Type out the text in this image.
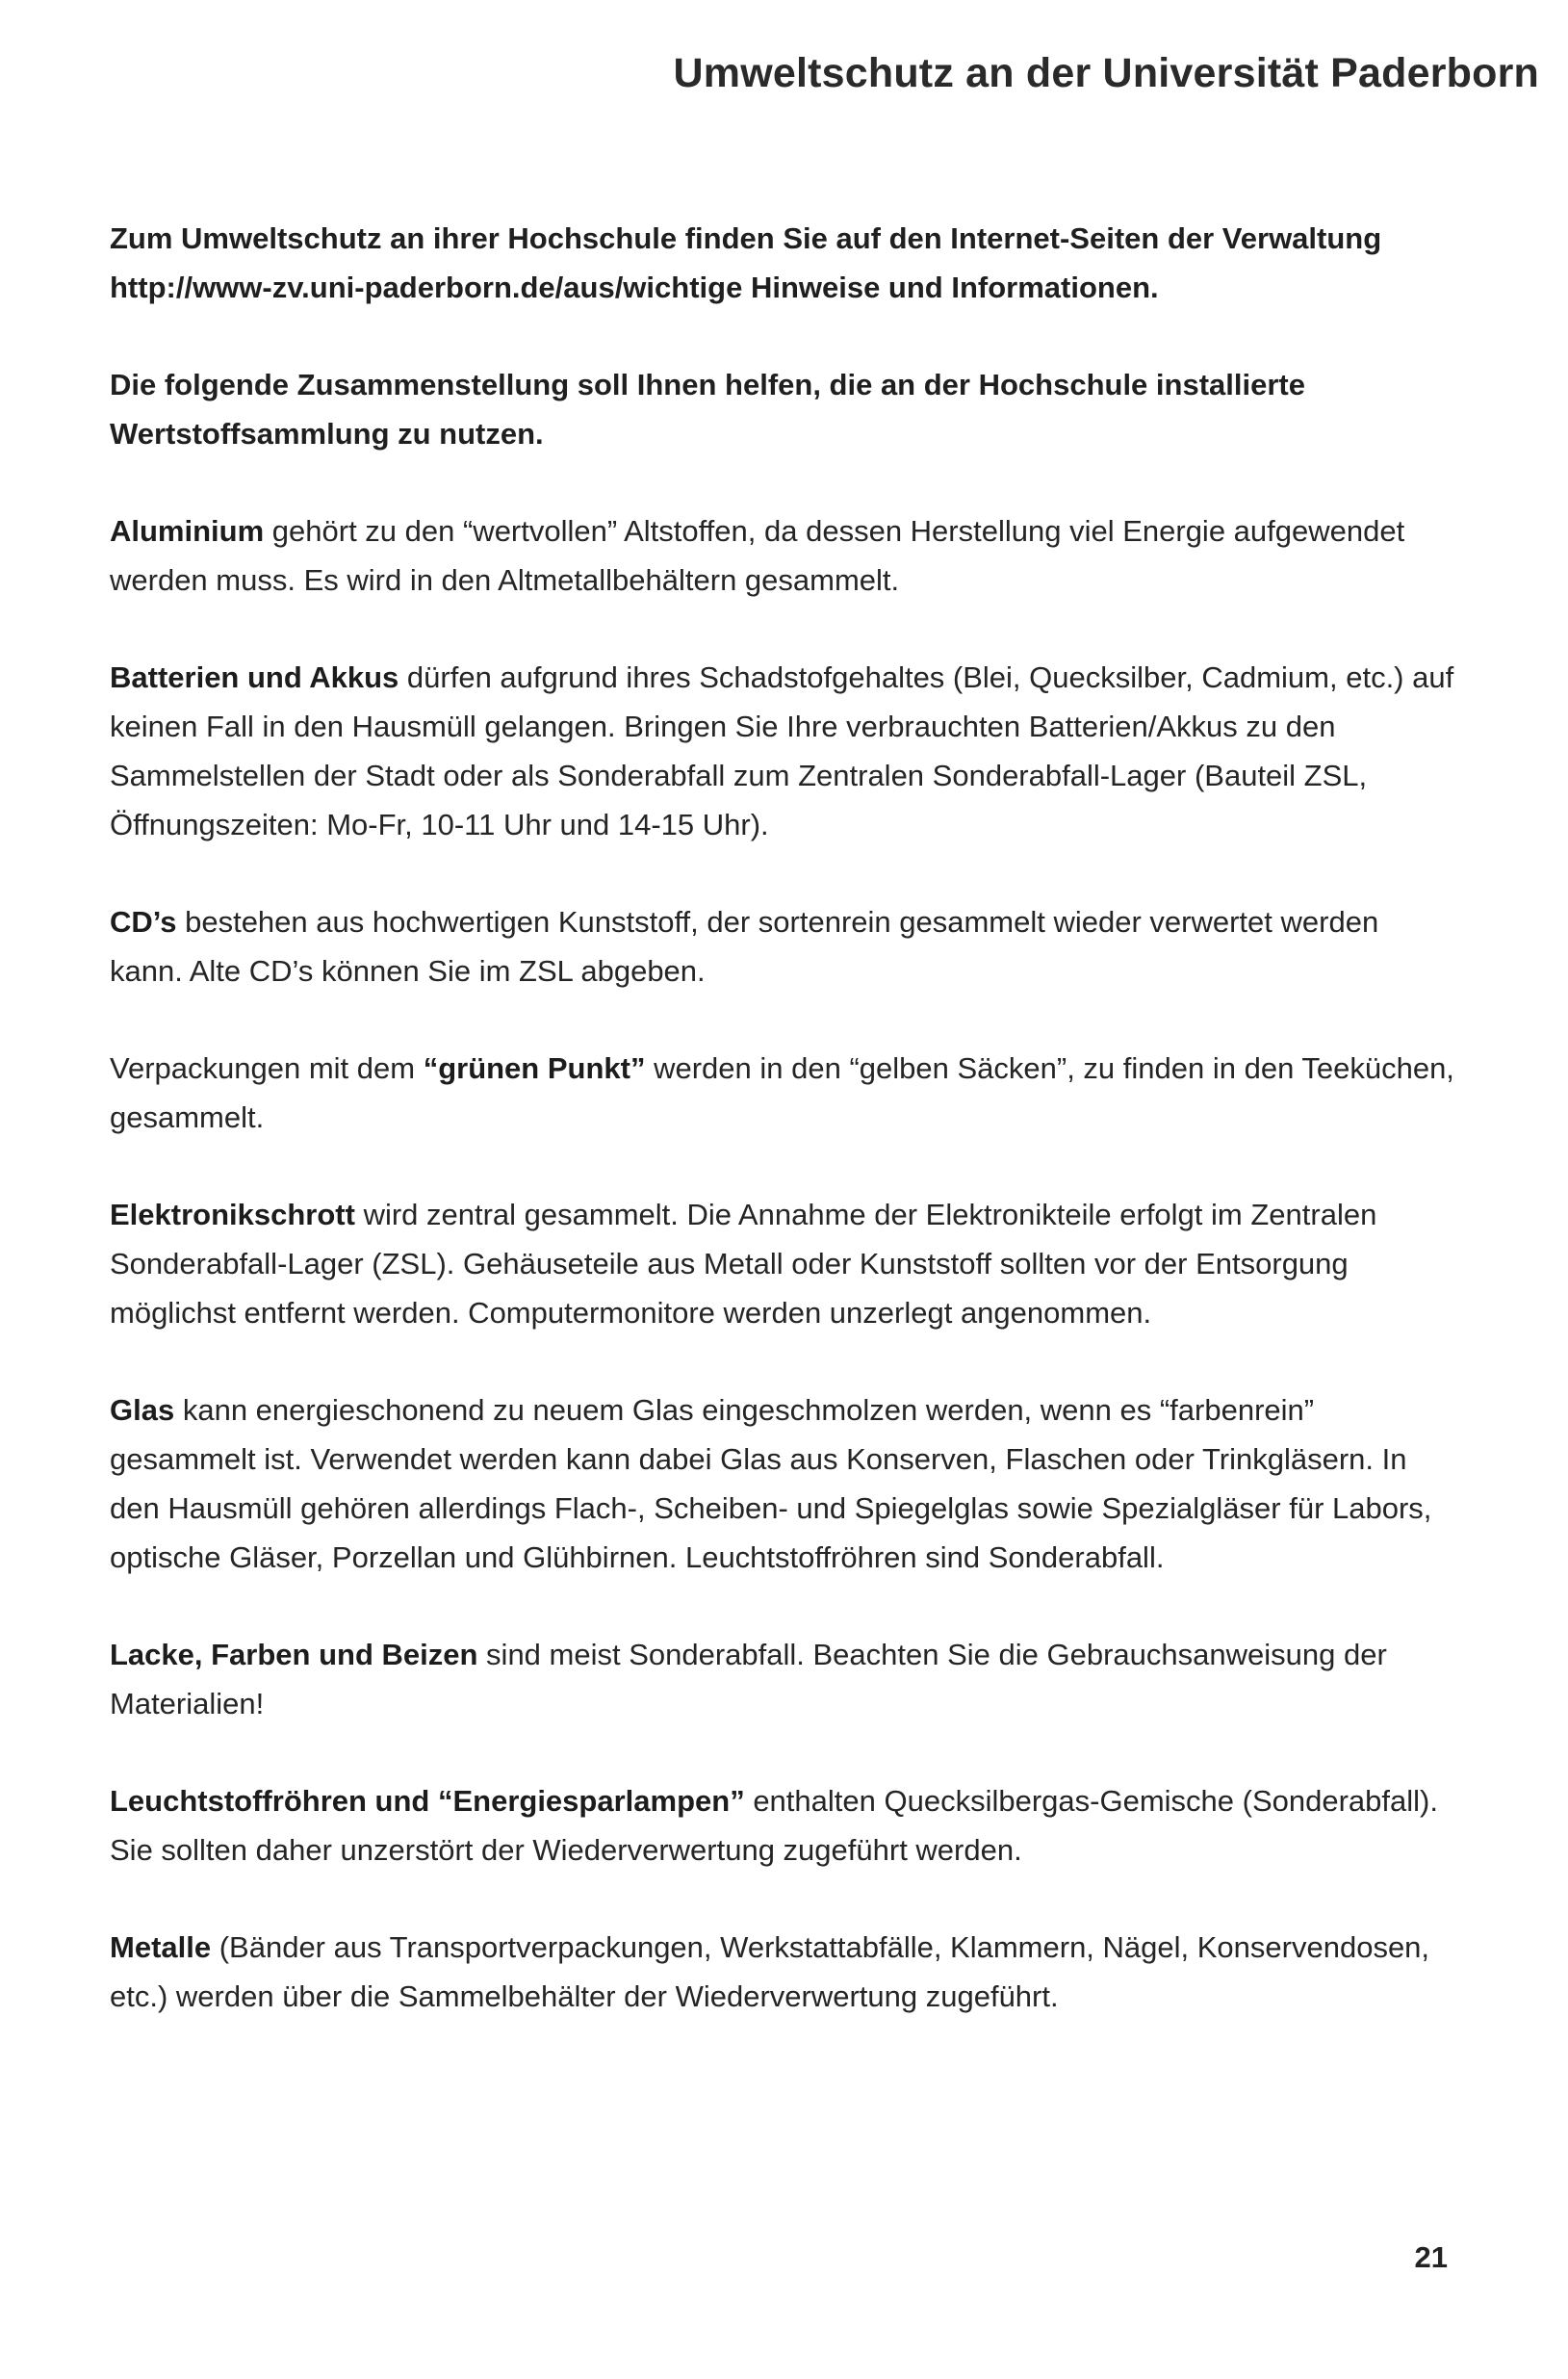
Umweltschutz an der Universität Paderborn

Zum Umweltschutz an ihrer Hochschule finden Sie auf den Internet-Seiten der Verwaltung http://www-zv.uni-paderborn.de/aus/wichtige Hinweise und Informationen.

Die folgende Zusammenstellung soll Ihnen helfen, die an der Hochschule installierte Wertstoffsammlung zu nutzen.

Aluminium gehört zu den “wertvollen” Altstoffen, da dessen Herstellung viel Energie aufgewendet werden muss. Es wird in den Altmetallbehältern gesammelt.

Batterien und Akkus dürfen aufgrund ihres Schadstofgehaltes (Blei, Quecksilber, Cadmium, etc.) auf keinen Fall in den Hausmüll gelangen. Bringen Sie Ihre verbrauchten Batterien/Akkus zu den Sammelstellen der Stadt oder als Sonderabfall zum Zentralen Sonderabfall-Lager (Bauteil ZSL, Öffnungszeiten: Mo-Fr, 10-11 Uhr und 14-15 Uhr).

CD’s bestehen aus hochwertigen Kunststoff, der sortenrein gesammelt wieder verwertet werden kann. Alte CD’s können Sie im ZSL abgeben.

Verpackungen mit dem “grünen Punkt” werden in den “gelben Säcken”, zu finden in den Teeküchen, gesammelt.

Elektronikschrott wird zentral gesammelt. Die Annahme der Elektronikteile erfolgt im Zentralen Sonderabfall-Lager (ZSL). Gehäuseteile aus Metall oder Kunststoff sollten vor der Entsorgung möglichst entfernt werden. Computermonitore werden unzerlegt angenommen.

Glas kann energieschonend zu neuem Glas eingeschmolzen werden, wenn es “farbenrein” gesammelt ist. Verwendet werden kann dabei Glas aus Konserven, Flaschen oder Trinkgläsern. In den Hausmüll gehören allerdings Flach-, Scheiben- und Spiegelglas sowie Spezialgläser für Labors, optische Gläser, Porzellan und Glühbirnen. Leuchtstoffröhren sind Sonderabfall.

Lacke, Farben und Beizen sind meist Sonderabfall. Beachten Sie die Gebrauchsanweisung der Materialien!

Leuchtstoffröhren und “Energiesparlampen” enthalten Quecksilbergas-Gemische (Sonderabfall). Sie sollten daher unzerstört der Wiederverwertung zugeführt werden.

Metalle (Bänder aus Transportverpackungen, Werkstattabfälle, Klammern, Nägel, Konservendosen, etc.) werden über die Sammelbehälter der Wiederverwertung zugeführt.

21
